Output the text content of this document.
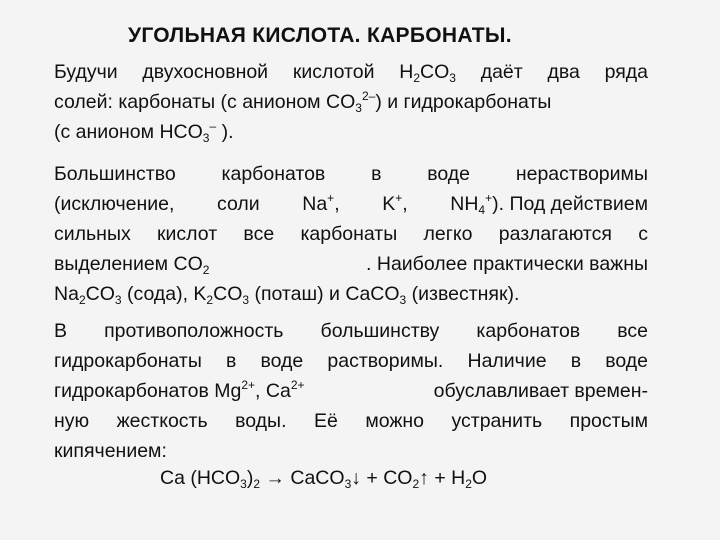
УГОЛЬНАЯ КИСЛОТА. КАРБОНАТЫ.
Будучи двухосновной кислотой $H_2CO_3$ даёт два ряда
солей: карбонаты (с анионом $CO_3^{2-}$) и гидрокарбонаты
(с анионом $HCO_3^-$ ).
Большинство карбонатов в воде нерастворимы
(исключение, соли Na+, K+, $NH_4^+$). Под действием
сильных кислот все карбонаты легко разлагаются с
выделением $CO_2$	. Наиболее практически важны
$Na_2CO_3$ (сода), $K_2CO_3$ (поташ) и CaCO$_3$ (известняк).
В противоположность большинству карбонатов все
гидрокарбонаты в воде растворимы. Наличие в воде
гидрокарбонатов $Mg^{2+}$, $Ca^{2+}$	обуславливает времен-
ную жесткость воды. Её можно устранить простым
кипячением:
Ca $(HCO_3)_2$ → CaCO$_3$↓ + $CO_2↑ + H_2O$
